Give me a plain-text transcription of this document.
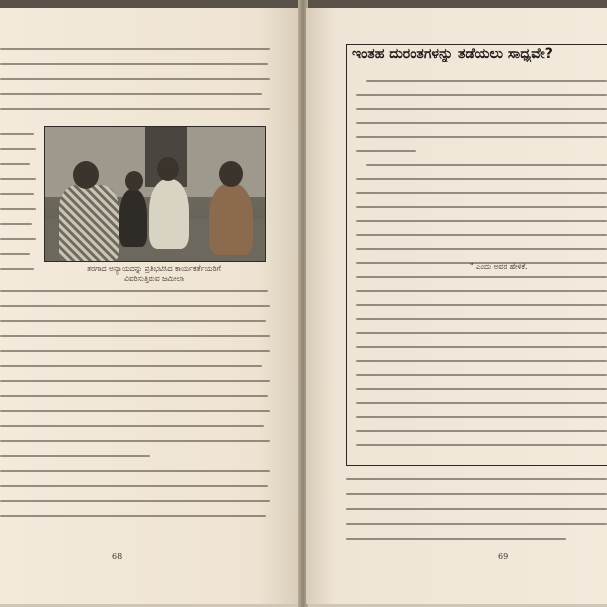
ತರಗಾದ ಅನ್ಯಾಯದನ್ನು ಪ್ರತಿಭಟಿಸಿದ ಕಾರ್ಯಕರ್ತೆಯರಿಗೆ
ವಿವರಿಸುತ್ತಿರುವ ಜಮೀಲಾ
68
ಇಂತಹ ದುರಂತಗಳನ್ನು ತಡೆಯಲು ಸಾಧ್ಯವೇ?
" ಎಂದು ಅವರ ಹೇಳಿಕೆ.
69
